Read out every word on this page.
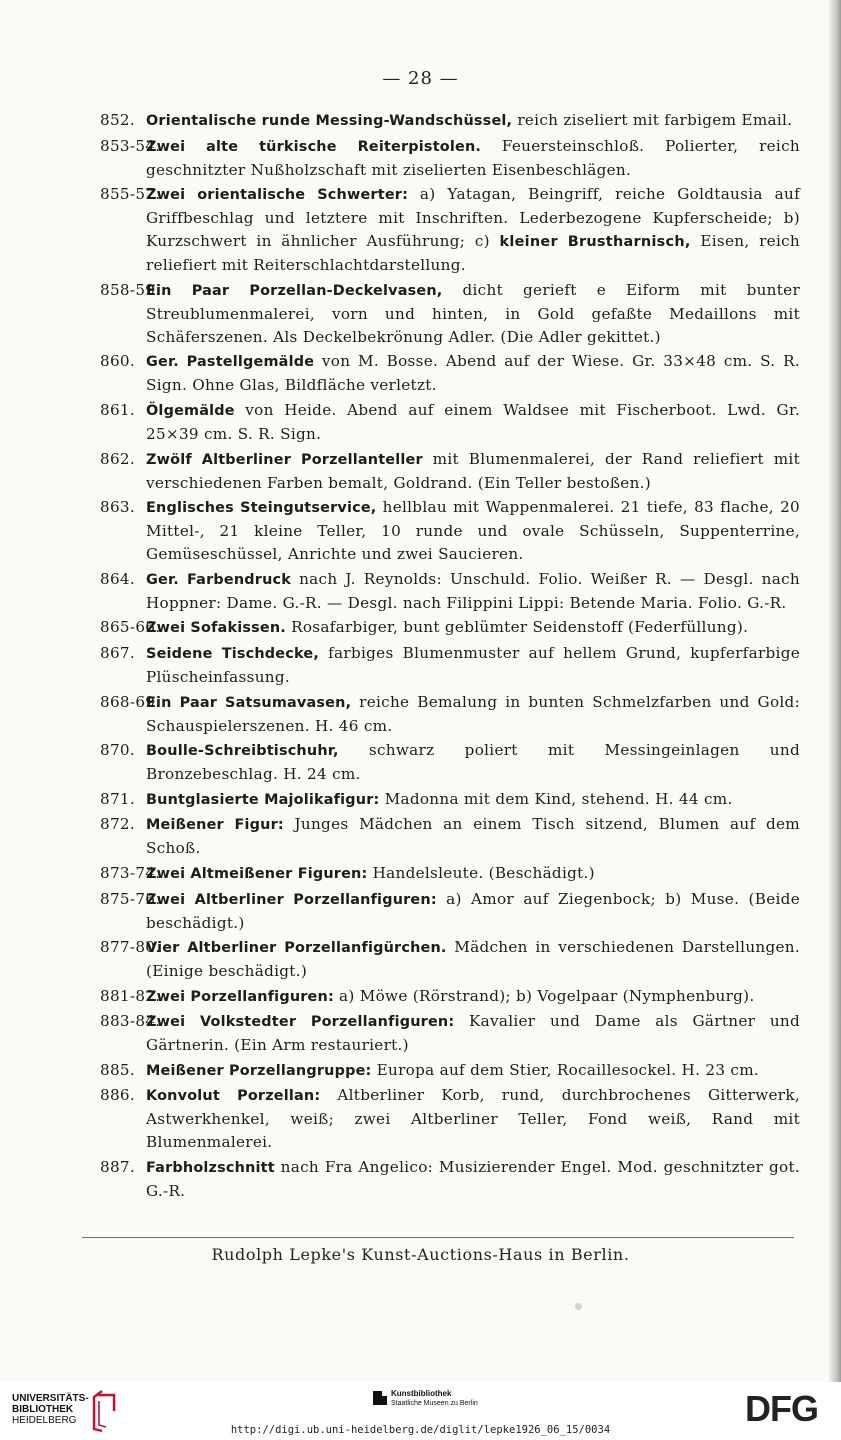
— 28 —
852. Orientalische runde Messing-Wandschüssel, reich ziseliert mit farbigem Email.
853-54.
Zwei alte türkische Reiterpistolen. Feuersteinschloß. Polierter, reich geschnitzter Nußholzschaft mit ziselierten Eisenbeschlägen.
855-57.
Zwei orientalische Schwerter: a) Yatagan, Beingriff, reiche Goldtausia auf Griffbeschlag und letztere mit Inschriften. Lederbezogene Kupferscheide; b) Kurzschwert in ähnlicher Ausführung; c) kleiner Brustharnisch, Eisen, reich reliefiert mit Reiterschlachtdarstellung.
858-59.
Ein Paar Porzellan-Deckelvasen, dicht gerieft e Eiform mit bunter Streublumenmalerei, vorn und hinten, in Gold gefaßte Medaillons mit Schäferszenen. Als Deckelbekrönung Adler. (Die Adler gekittet.)
860. Ger. Pastellgemälde von M. Bosse. Abend auf der Wiese. Gr. 33×48 cm. S. R. Sign. Ohne Glas, Bildfläche verletzt.
861. Ölgemälde von Heide. Abend auf einem Waldsee mit Fischerboot. Lwd. Gr. 25×39 cm. S. R. Sign.
862. Zwölf Altberliner Porzellanteller mit Blumenmalerei, der Rand reliefiert mit verschiedenen Farben bemalt, Goldrand. (Ein Teller bestoßen.)
863. Englisches Steingutservice, hellblau mit Wappenmalerei. 21 tiefe, 83 flache, 20 Mittel-, 21 kleine Teller, 10 runde und ovale Schüsseln, Suppenterrine, Gemüseschüssel, Anrichte und zwei Saucieren.
864. Ger. Farbendruck nach J. Reynolds: Unschuld. Folio. Weißer R. — Desgl. nach Hoppner: Dame. G.-R. — Desgl. nach Filippini Lippi: Betende Maria. Folio. G.-R.
865-66.
Zwei Sofakissen. Rosafarbiger, bunt geblümter Seidenstoff (Federfüllung).
867. Seidene Tischdecke, farbiges Blumenmuster auf hellem Grund, kupferfarbige Plüscheinfassung.
868-69.
Ein Paar Satsumavasen, reiche Bemalung in bunten Schmelzfarben und Gold: Schauspielerszenen. H. 46 cm.
870. Boulle-Schreibtischuhr, schwarz poliert mit Messingeinlagen und Bronzebeschlag. H. 24 cm.
871. Buntglasierte Majolikafigur: Madonna mit dem Kind, stehend. H. 44 cm.
872. Meißener Figur: Junges Mädchen an einem Tisch sitzend, Blumen auf dem Schoß.
873-74.
Zwei Altmeißener Figuren: Handelsleute. (Beschädigt.)
875-76.
Zwei Altberliner Porzellanfiguren: a) Amor auf Ziegenbock; b) Muse. (Beide beschädigt.)
877-80.
Vier Altberliner Porzellanfigürchen. Mädchen in verschiedenen Darstellungen. (Einige beschädigt.)
881-82.
Zwei Porzellanfiguren: a) Möwe (Rörstrand); b) Vogelpaar (Nymphenburg).
883-84.
Zwei Volkstedter Porzellanfiguren: Kavalier und Dame als Gärtner und Gärtnerin. (Ein Arm restauriert.)
885. Meißener Porzellangruppe: Europa auf dem Stier, Rocaillesockel. H. 23 cm.
886. Konvolut Porzellan: Altberliner Korb, rund, durchbrochenes Gitterwerk, Astwerkhenkel, weiß; zwei Altberliner Teller, Fond weiß, Rand mit Blumenmalerei.
887. Farbholzschnitt nach Fra Angelico: Musizierender Engel. Mod. geschnitzter got. G.-R.
Rudolph Lepke's Kunst-Auctions-Haus in Berlin.
UNIVERSITÄTS-
BIBLIOTHEK
HEIDELBERG
Kunstbibliothek
Staatliche Museen zu Berlin
http://digi.ub.uni-heidelberg.de/diglit/lepke1926_06_15/0034
DFG
